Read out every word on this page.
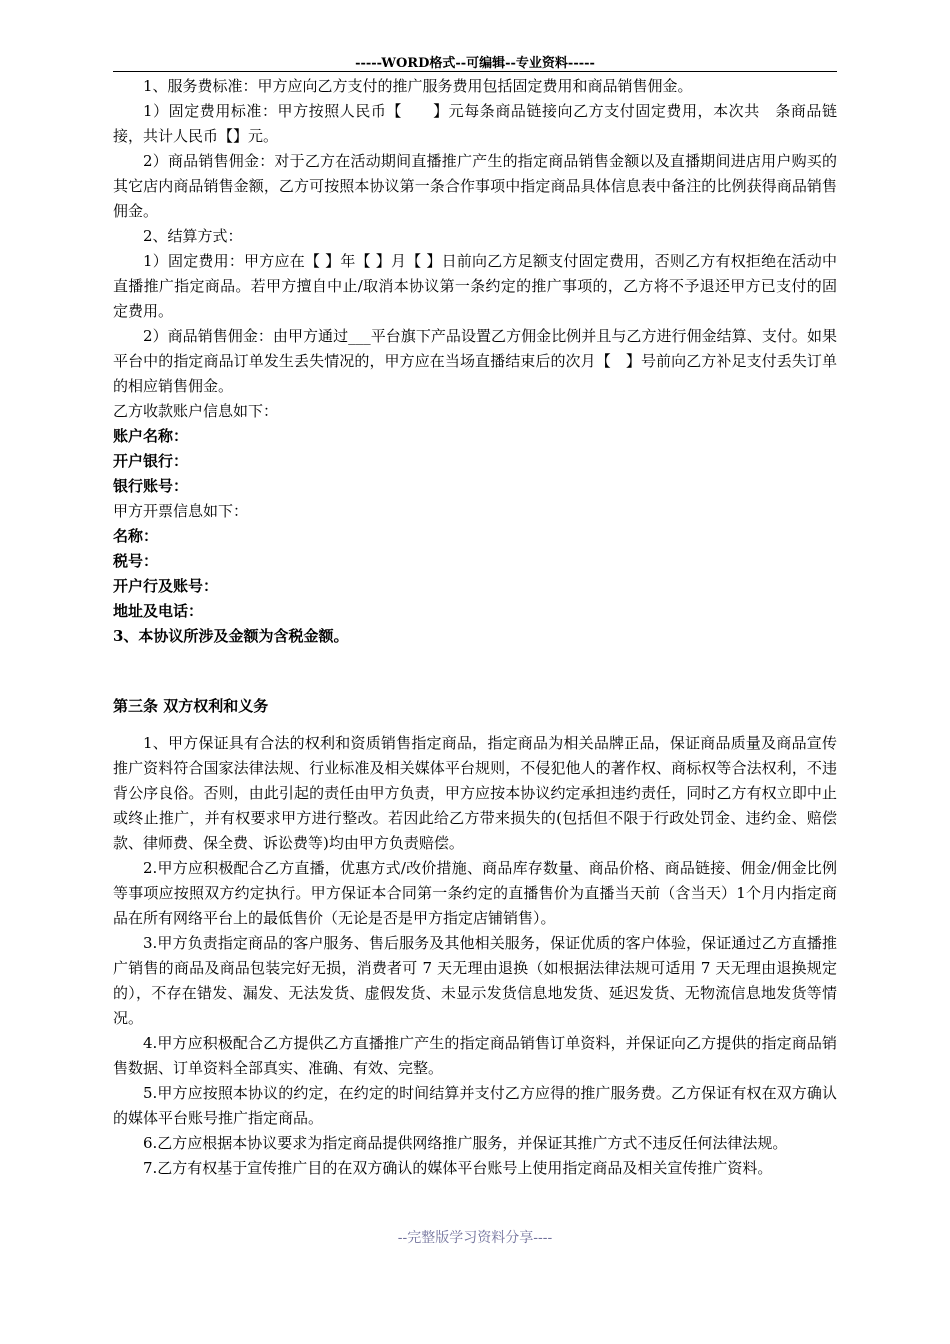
-----WORD格式--可编辑--专业资料-----

1、服务费标准：甲方应向乙方支付的推广服务费用包括固定费用和商品销售佣金。

1）固定费用标准：甲方按照人民币【　　】元每条商品链接向乙方支付固定费用，本次共　条商品链接，共计人民币【】元。

2）商品销售佣金：对于乙方在活动期间直播推广产生的指定商品销售金额以及直播期间进店用户购买的其它店内商品销售金额，乙方可按照本协议第一条合作事项中指定商品具体信息表中备注的比例获得商品销售佣金。

2、结算方式：

1）固定费用：甲方应在【 】年【 】月【 】日前向乙方足额支付固定费用，否则乙方有权拒绝在活动中直播推广指定商品。若甲方擅自中止/取消本协议第一条约定的推广事项的，乙方将不予退还甲方已支付的固定费用。

2）商品销售佣金：由甲方通过___平台旗下产品设置乙方佣金比例并且与乙方进行佣金结算、支付。如果平台中的指定商品订单发生丢失情况的，甲方应在当场直播结束后的次月【　】号前向乙方补足支付丢失订单的相应销售佣金。

乙方收款账户信息如下：

账户名称：

开户银行：

银行账号：

甲方开票信息如下：

名称：

税号：

开户行及账号：

地址及电话：

3、本协议所涉及金额为含税金额。

第三条 双方权利和义务

1、甲方保证具有合法的权利和资质销售指定商品，指定商品为相关品牌正品，保证商品质量及商品宣传推广资料符合国家法律法规、行业标准及相关媒体平台规则，不侵犯他人的著作权、商标权等合法权利，不违背公序良俗。否则，由此引起的责任由甲方负责，甲方应按本协议约定承担违约责任，同时乙方有权立即中止或终止推广，并有权要求甲方进行整改。若因此给乙方带来损失的(包括但不限于行政处罚金、违约金、赔偿款、律师费、保全费、诉讼费等)均由甲方负责赔偿。

2.甲方应积极配合乙方直播，优惠方式/改价措施、商品库存数量、商品价格、商品链接、佣金/佣金比例等事项应按照双方约定执行。甲方保证本合同第一条约定的直播售价为直播当天前（含当天）1个月内指定商品在所有网络平台上的最低售价（无论是否是甲方指定店铺销售）。

3.甲方负责指定商品的客户服务、售后服务及其他相关服务，保证优质的客户体验，保证通过乙方直播推广销售的商品及商品包装完好无损，消费者可 7 天无理由退换（如根据法律法规可适用 7 天无理由退换规定的），不存在错发、漏发、无法发货、虚假发货、未显示发货信息地发货、延迟发货、无物流信息地发货等情况。

4.甲方应积极配合乙方提供乙方直播推广产生的指定商品销售订单资料，并保证向乙方提供的指定商品销售数据、订单资料全部真实、准确、有效、完整。

5.甲方应按照本协议的约定，在约定的时间结算并支付乙方应得的推广服务费。乙方保证有权在双方确认的媒体平台账号推广指定商品。

6.乙方应根据本协议要求为指定商品提供网络推广服务，并保证其推广方式不违反任何法律法规。

7.乙方有权基于宣传推广目的在双方确认的媒体平台账号上使用指定商品及相关宣传推广资料。

--完整版学习资料分享----
